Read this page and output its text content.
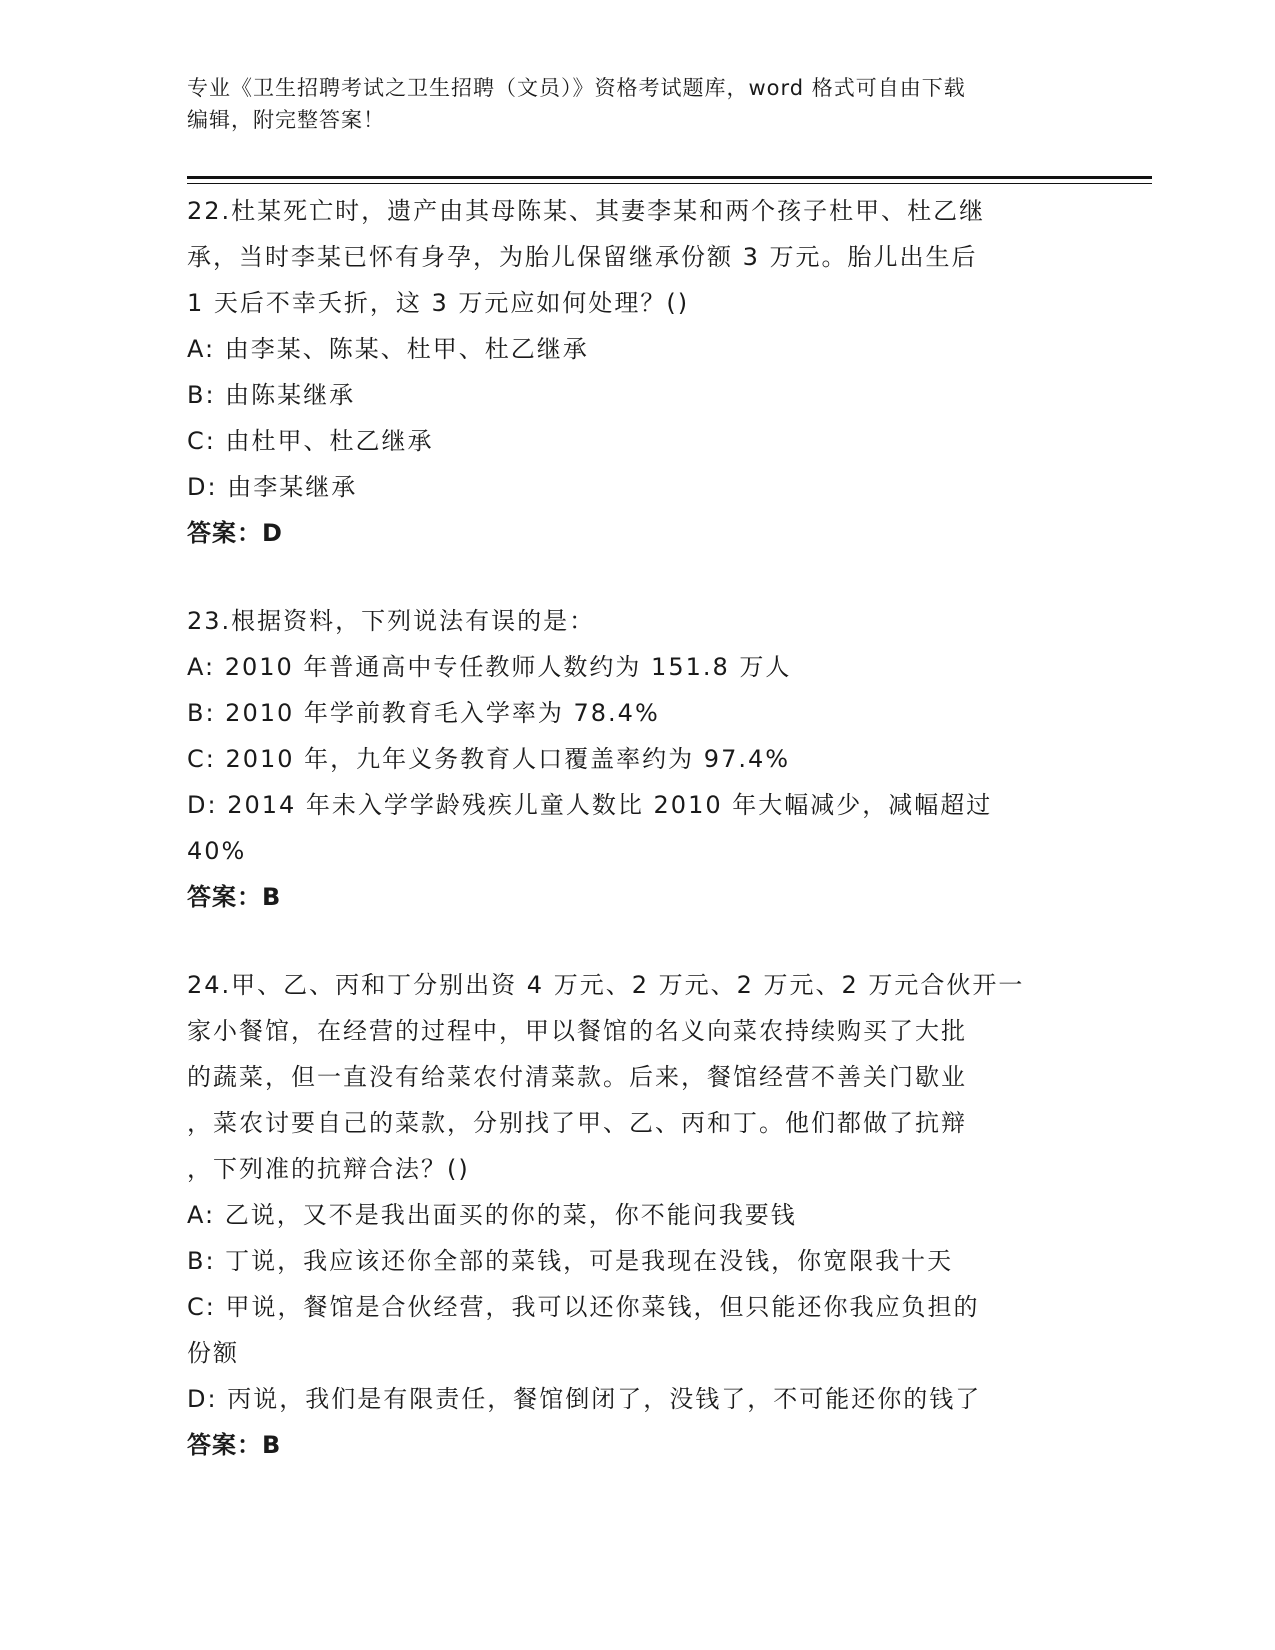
专业《卫生招聘考试之卫生招聘（文员）》资格考试题库，word 格式可自由下载
编辑，附完整答案！
22.杜某死亡时，遗产由其母陈某、其妻李某和两个孩子杜甲、杜乙继
承，当时李某已怀有身孕，为胎儿保留继承份额 3 万元。胎儿出生后
1 天后不幸夭折，这 3 万元应如何处理？()
A: 由李某、陈某、杜甲、杜乙继承
B: 由陈某继承
C: 由杜甲、杜乙继承
D: 由李某继承
答案：D
23.根据资料，下列说法有误的是：
A: 2010 年普通高中专任教师人数约为 151.8 万人
B: 2010 年学前教育毛入学率为 78.4%
C: 2010 年，九年义务教育人口覆盖率约为 97.4%
D: 2014 年未入学学龄残疾儿童人数比 2010 年大幅减少，减幅超过
40%
答案：B
24.甲、乙、丙和丁分别出资 4 万元、2 万元、2 万元、2 万元合伙开一
家小餐馆，在经营的过程中，甲以餐馆的名义向菜农持续购买了大批
的蔬菜，但一直没有给菜农付清菜款。后来，餐馆经营不善关门歇业
，菜农讨要自己的菜款，分别找了甲、乙、丙和丁。他们都做了抗辩
，下列准的抗辩合法？()
A: 乙说，又不是我出面买的你的菜，你不能问我要钱
B: 丁说，我应该还你全部的菜钱，可是我现在没钱，你宽限我十天
C: 甲说，餐馆是合伙经营，我可以还你菜钱，但只能还你我应负担的
份额
D: 丙说，我们是有限责任，餐馆倒闭了，没钱了，不可能还你的钱了
答案：B
